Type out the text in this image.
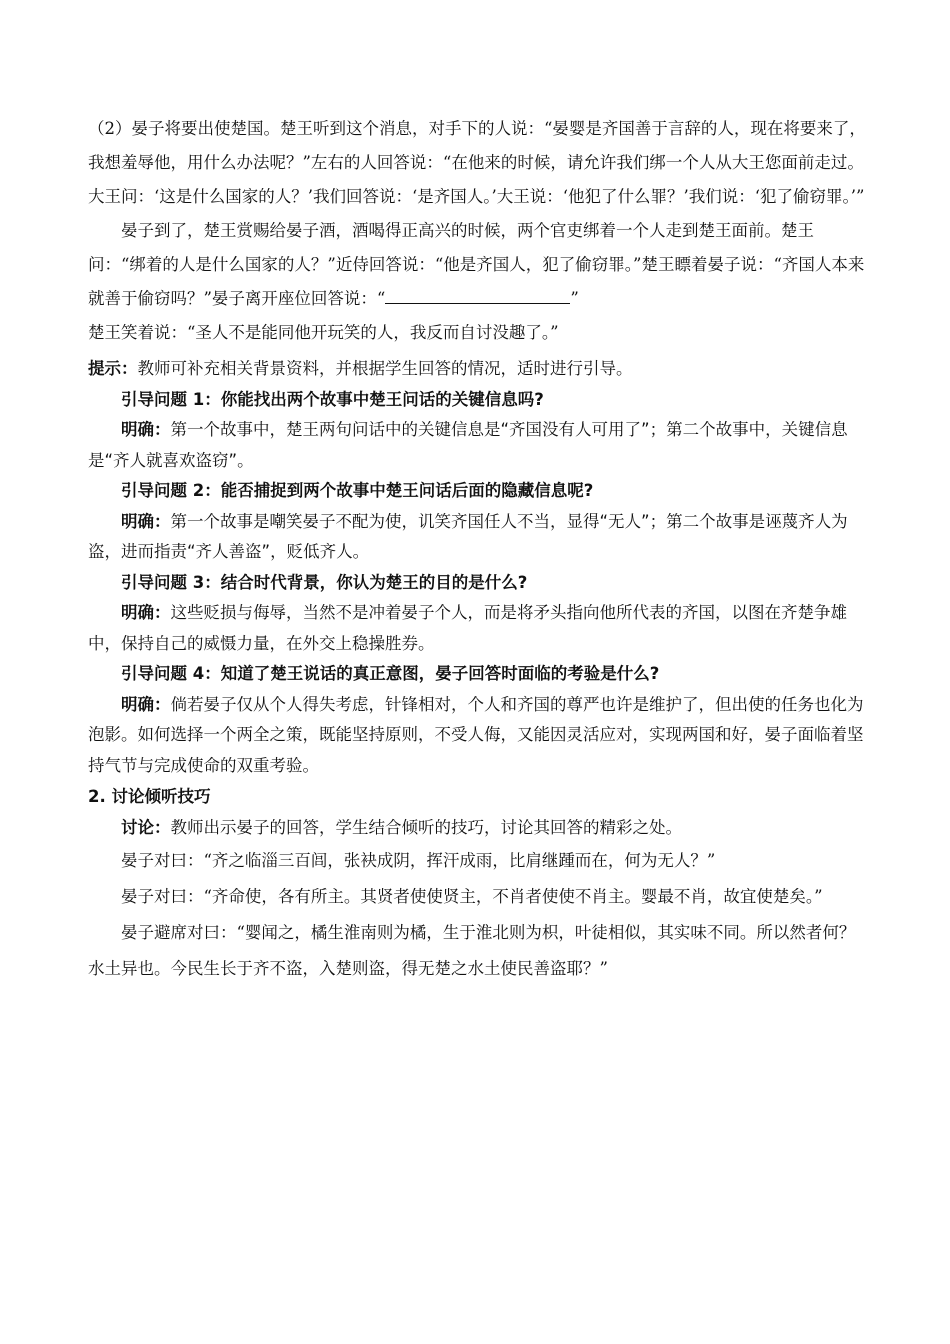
（2）晏子将要出使楚国。楚王听到这个消息，对手下的人说：“晏婴是齐国善于言辞的人，现在将要来了，我想羞辱他，用什么办法呢？”左右的人回答说：“在他来的时候，请允许我们绑一个人从大王您面前走过。大王问：‘这是什么国家的人？’我们回答说：‘是齐国人。’大王说：‘他犯了什么罪？’我们说：‘犯了偷窃罪。’”

晏子到了，楚王赏赐给晏子酒，酒喝得正高兴的时候，两个官吏绑着一个人走到楚王面前。楚王问：“绑着的人是什么国家的人？”近侍回答说：“他是齐国人，犯了偷窃罪。”楚王瞟着晏子说：“齐国人本来就善于偷窃吗？”晏子离开座位回答说：“	”

楚王笑着说：“圣人不是能同他开玩笑的人，我反而自讨没趣了。”

提示：教师可补充相关背景资料，并根据学生回答的情况，适时进行引导。

引导问题 1：你能找出两个故事中楚王问话的关键信息吗?

明确：第一个故事中，楚王两句问话中的关键信息是“齐国没有人可用了”；第二个故事中，关键信息是“齐人就喜欢盗窃”。

引导问题 2：能否捕捉到两个故事中楚王问话后面的隐藏信息呢?

明确：第一个故事是嘲笑晏子不配为使，讥笑齐国任人不当，显得“无人”；第二个故事是诬蔑齐人为盗，进而指责“齐人善盗”，贬低齐人。

引导问题 3：结合时代背景，你认为楚王的目的是什么?

明确：这些贬损与侮辱，当然不是冲着晏子个人，而是将矛头指向他所代表的齐国，以图在齐楚争雄中，保持自己的威慑力量，在外交上稳操胜券。

引导问题 4：知道了楚王说话的真正意图，晏子回答时面临的考验是什么?

明确：倘若晏子仅从个人得失考虑，针锋相对，个人和齐国的尊严也许是维护了，但出使的任务也化为泡影。如何选择一个两全之策，既能坚持原则，不受人侮，又能因灵活应对，实现两国和好，晏子面临着坚持气节与完成使命的双重考验。

2. 讨论倾听技巧

讨论：教师出示晏子的回答，学生结合倾听的技巧，讨论其回答的精彩之处。

晏子对曰：“齐之临淄三百闾，张袂成阴，挥汗成雨，比肩继踵而在，何为无人？”

晏子对曰：“齐命使，各有所主。其贤者使使贤主，不肖者使使不肖主。婴最不肖，故宜使楚矣。”

晏子避席对曰：“婴闻之，橘生淮南则为橘，生于淮北则为枳，叶徒相似，其实味不同。所以然者何？水土异也。今民生长于齐不盗，入楚则盗，得无楚之水土使民善盗耶？”
